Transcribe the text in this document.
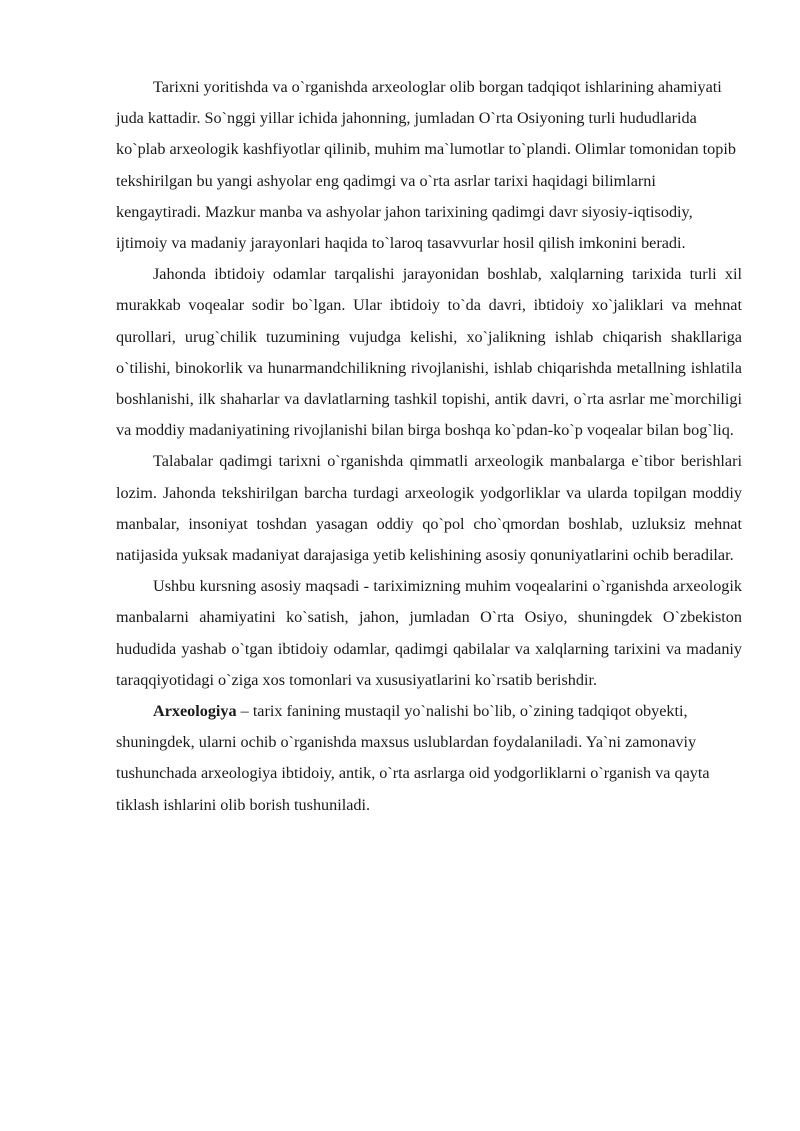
Tarixni yoritishda va o`rganishda arxeologlar olib borgan tadqiqot ishlarining ahamiyati juda kattadir. So`nggi yillar ichida jahonning, jumladan O`rta Osiyoning turli hududlarida ko`plab arxeologik kashfiyotlar qilinib, muhim ma`lumotlar to`plandi. Olimlar tomonidan topib tekshirilgan bu yangi ashyolar eng qadimgi va o`rta asrlar tarixi haqidagi bilimlarni kengaytiradi. Mazkur manba va ashyolar jahon tarixining qadimgi davr siyosiy-iqtisodiy, ijtimoiy va madaniy jarayonlari haqida to`laroq tasavvurlar hosil qilish imkonini beradi.

Jahonda ibtidoiy odamlar tarqalishi jarayonidan boshlab, xalqlarning tarixida turli xil murakkab voqealar sodir bo`lgan. Ular ibtidoiy to`da davri, ibtidoiy xo`jaliklari va mehnat qurollari, urug`chilik tuzumining vujudga kelishi, xo`jalikning ishlab chiqarish shakllariga o`tilishi, binokorlik va hunarmandchilikning rivojlanishi, ishlab chiqarishda metallning ishlatila boshlanishi, ilk shaharlar va davlatlarning tashkil topishi, antik davri, o`rta asrlar me`morchiligi va moddiy madaniyatining rivojlanishi bilan birga boshqa ko`pdan-ko`p voqealar bilan bog`liq.

Talabalar qadimgi tarixni o`rganishda qimmatli arxeologik manbalarga e`tibor berishlari lozim. Jahonda tekshirilgan barcha turdagi arxeologik yodgorliklar va ularda topilgan moddiy manbalar, insoniyat toshdan yasagan oddiy qo`pol cho`qmordan boshlab, uzluksiz mehnat natijasida yuksak madaniyat darajasiga yetib kelishining asosiy qonuniyatlarini ochib beradilar.

Ushbu kursning asosiy maqsadi - tariximizning muhim voqealarini o`rganishda arxeologik manbalarni ahamiyatini ko`satish, jahon, jumladan O`rta Osiyo, shuningdek O`zbekiston hududida yashab o`tgan ibtidoiy odamlar, qadimgi qabilalar va xalqlarning tarixini va madaniy taraqqiyotidagi o`ziga xos tomonlari va xususiyatlarini ko`rsatib berishdir.

Arxeologiya – tarix fanining mustaqil yo`nalishi bo`lib, o`zining tadqiqot obyekti, shuningdek, ularni ochib o`rganishda maxsus uslublardan foydalaniladi. Ya`ni zamonaviy tushunchada arxeologiya ibtidoiy, antik, o`rta asrlarga oid yodgorliklarni o`rganish va qayta tiklash ishlarini olib borish tushuniladi.
